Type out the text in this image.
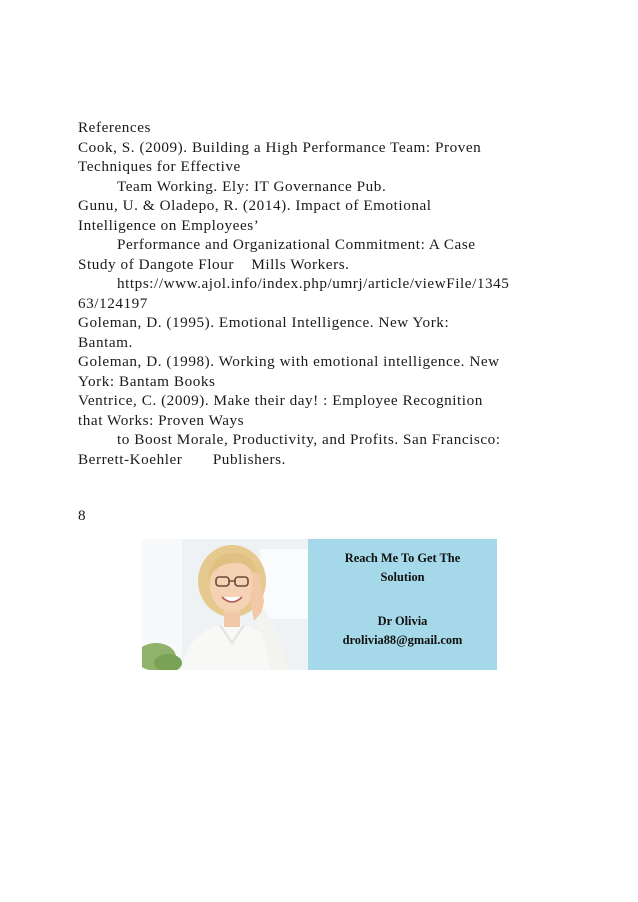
References
Cook, S. (2009). Building a High Performance Team: Proven
Techniques for Effective
Team Working. Ely: IT Governance Pub.
Gunu, U. & Oladepo, R. (2014). Impact of Emotional
Intelligence on Employees’
Performance and Organizational Commitment: A Case
Study of Dangote Flour    Mills Workers.
https://www.ajol.info/index.php/umrj/article/viewFile/1345
63/124197
Goleman, D. (1995). Emotional Intelligence. New York:
Bantam.
Goleman, D. (1998). Working with emotional intelligence. New
York: Bantam Books
Ventrice, C. (2009). Make their day! : Employee Recognition
that Works: Proven Ways
to Boost Morale, Productivity, and Profits. San Francisco:
Berrett-Koehler       Publishers.
8
Reach Me To Get The
Solution
Dr Olivia
drolivia88@gmail.com
